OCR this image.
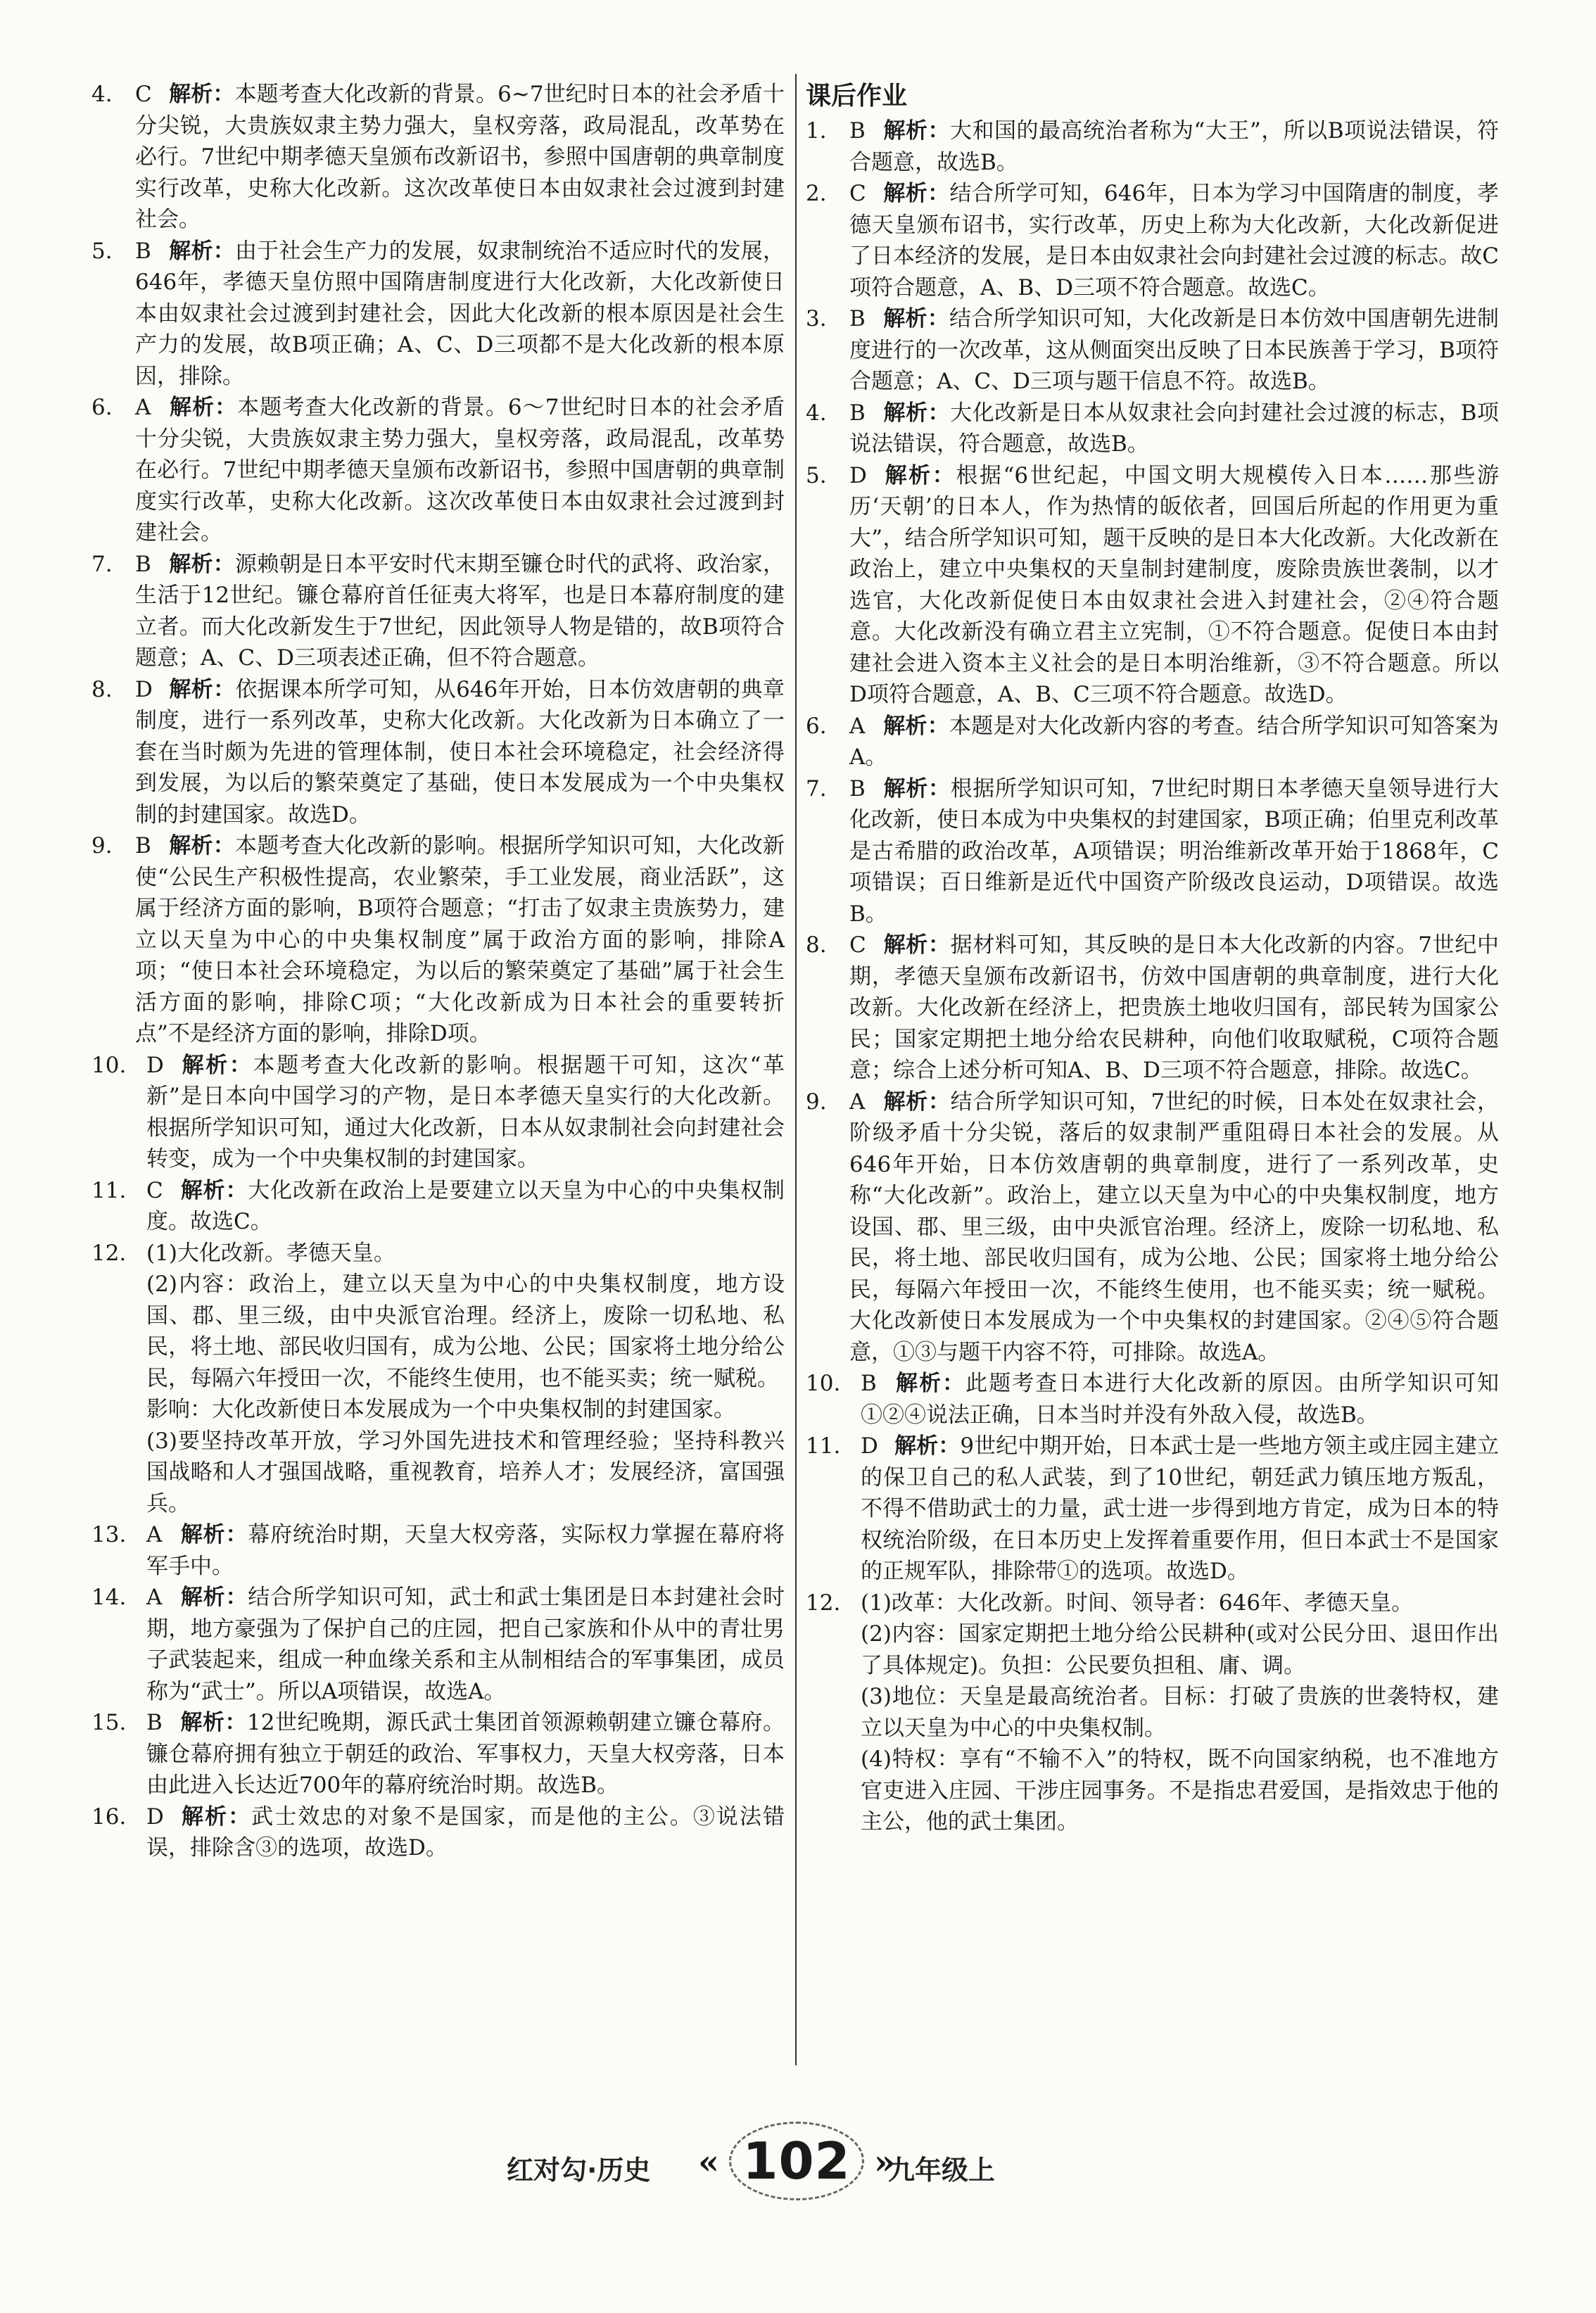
4.	C 解析：本题考查大化改新的背景。6~7世纪时日本的社会矛盾十分尖锐，大贵族奴隶主势力强大，皇权旁落，政局混乱，改革势在必行。7世纪中期孝德天皇颁布改新诏书，参照中国唐朝的典章制度实行改革，史称大化改新。这次改革使日本由奴隶社会过渡到封建社会。
5.	B 解析：由于社会生产力的发展，奴隶制统治不适应时代的发展，646年，孝德天皇仿照中国隋唐制度进行大化改新，大化改新使日本由奴隶社会过渡到封建社会，因此大化改新的根本原因是社会生产力的发展，故B项正确；A、C、D三项都不是大化改新的根本原因，排除。
6.	A 解析：本题考查大化改新的背景。6～7世纪时日本的社会矛盾十分尖锐，大贵族奴隶主势力强大，皇权旁落，政局混乱，改革势在必行。7世纪中期孝德天皇颁布改新诏书，参照中国唐朝的典章制度实行改革，史称大化改新。这次改革使日本由奴隶社会过渡到封建社会。
7.	B 解析：源赖朝是日本平安时代末期至镰仓时代的武将、政治家，生活于12世纪。镰仓幕府首任征夷大将军，也是日本幕府制度的建立者。而大化改新发生于7世纪，因此领导人物是错的，故B项符合题意；A、C、D三项表述正确，但不符合题意。
8.	D 解析：依据课本所学可知，从646年开始，日本仿效唐朝的典章制度，进行一系列改革，史称大化改新。大化改新为日本确立了一套在当时颇为先进的管理体制，使日本社会环境稳定，社会经济得到发展，为以后的繁荣奠定了基础，使日本发展成为一个中央集权制的封建国家。故选D。
9.	B 解析：本题考查大化改新的影响。根据所学知识可知，大化改新使“公民生产积极性提高，农业繁荣，手工业发展，商业活跃”，这属于经济方面的影响，B项符合题意；“打击了奴隶主贵族势力，建立以天皇为中心的中央集权制度”属于政治方面的影响，排除A项；“使日本社会环境稳定，为以后的繁荣奠定了基础”属于社会生活方面的影响，排除C项；“大化改新成为日本社会的重要转折点”不是经济方面的影响，排除D项。
10. D 解析：本题考查大化改新的影响。根据题干可知，这次“革新”是日本向中国学习的产物，是日本孝德天皇实行的大化改新。根据所学知识可知，通过大化改新，日本从奴隶制社会向封建社会转变，成为一个中央集权制的封建国家。
11. C 解析：大化改新在政治上是要建立以天皇为中心的中央集权制度。故选C。
12. (1)大化改新。孝德天皇。
(2)内容：政治上，建立以天皇为中心的中央集权制度，地方设国、郡、里三级，由中央派官治理。经济上，废除一切私地、私民，将土地、部民收归国有，成为公地、公民；国家将土地分给公民，每隔六年授田一次，不能终生使用，也不能买卖；统一赋税。
影响：大化改新使日本发展成为一个中央集权制的封建国家。
(3)要坚持改革开放，学习外国先进技术和管理经验；坚持科教兴国战略和人才强国战略，重视教育，培养人才；发展经济，富国强兵。
13. A 解析：幕府统治时期，天皇大权旁落，实际权力掌握在幕府将军手中。
14. A 解析：结合所学知识可知，武士和武士集团是日本封建社会时期，地方豪强为了保护自己的庄园，把自己家族和仆从中的青壮男子武装起来，组成一种血缘关系和主从制相结合的军事集团，成员称为“武士”。所以A项错误，故选A。
15. B 解析：12世纪晚期，源氏武士集团首领源赖朝建立镰仓幕府。镰仓幕府拥有独立于朝廷的政治、军事权力，天皇大权旁落，日本由此进入长达近700年的幕府统治时期。故选B。
16. D 解析：武士效忠的对象不是国家，而是他的主公。③说法错误，排除含③的选项，故选D。
课后作业
1.	B 解析：大和国的最高统治者称为“大王”，所以B项说法错误，符合题意，故选B。
2.	C 解析：结合所学可知，646年，日本为学习中国隋唐的制度，孝德天皇颁布诏书，实行改革，历史上称为大化改新，大化改新促进了日本经济的发展，是日本由奴隶社会向封建社会过渡的标志。故C项符合题意，A、B、D三项不符合题意。故选C。
3.	B 解析：结合所学知识可知，大化改新是日本仿效中国唐朝先进制度进行的一次改革，这从侧面突出反映了日本民族善于学习，B项符合题意；A、C、D三项与题干信息不符。故选B。
4.	B 解析：大化改新是日本从奴隶社会向封建社会过渡的标志，B项说法错误，符合题意，故选B。
5.	D 解析：根据“6世纪起，中国文明大规模传入日本……那些游历‘天朝’的日本人，作为热情的皈依者，回国后所起的作用更为重大”，结合所学知识可知，题干反映的是日本大化改新。大化改新在政治上，建立中央集权的天皇制封建制度，废除贵族世袭制，以才选官，大化改新促使日本由奴隶社会进入封建社会，②④符合题意。大化改新没有确立君主立宪制，①不符合题意。促使日本由封建社会进入资本主义社会的是日本明治维新，③不符合题意。所以D项符合题意，A、B、C三项不符合题意。故选D。
6.	A 解析：本题是对大化改新内容的考查。结合所学知识可知答案为A。
7.	B 解析：根据所学知识可知，7世纪时期日本孝德天皇领导进行大化改新，使日本成为中央集权的封建国家，B项正确；伯里克利改革是古希腊的政治改革，A项错误；明治维新改革开始于1868年，C项错误；百日维新是近代中国资产阶级改良运动，D项错误。故选B。
8.	C 解析：据材料可知，其反映的是日本大化改新的内容。7世纪中期，孝德天皇颁布改新诏书，仿效中国唐朝的典章制度，进行大化改新。大化改新在经济上，把贵族土地收归国有，部民转为国家公民；国家定期把土地分给农民耕种，向他们收取赋税，C项符合题意；综合上述分析可知A、B、D三项不符合题意，排除。故选C。
9.	A 解析：结合所学知识可知，7世纪的时候，日本处在奴隶社会，阶级矛盾十分尖锐，落后的奴隶制严重阻碍日本社会的发展。从646年开始，日本仿效唐朝的典章制度，进行了一系列改革，史称“大化改新”。政治上，建立以天皇为中心的中央集权制度，地方设国、郡、里三级，由中央派官治理。经济上，废除一切私地、私民，将土地、部民收归国有，成为公地、公民；国家将土地分给公民，每隔六年授田一次，不能终生使用，也不能买卖；统一赋税。大化改新使日本发展成为一个中央集权的封建国家。②④⑤符合题意，①③与题干内容不符，可排除。故选A。
10. B 解析：此题考查日本进行大化改新的原因。由所学知识可知①②④说法正确，日本当时并没有外敌入侵，故选B。
11. D 解析：9世纪中期开始，日本武士是一些地方领主或庄园主建立的保卫自己的私人武装，到了10世纪，朝廷武力镇压地方叛乱，不得不借助武士的力量，武士进一步得到地方肯定，成为日本的特权统治阶级，在日本历史上发挥着重要作用，但日本武士不是国家的正规军队，排除带①的选项。故选D。
12. (1)改革：大化改新。时间、领导者：646年、孝德天皇。
(2)内容：国家定期把土地分给公民耕种(或对公民分田、退田作出了具体规定)。负担：公民要负担租、庸、调。
(3)地位：天皇是最高统治者。目标：打破了贵族的世袭特权，建立以天皇为中心的中央集权制。
(4)特权：享有“不输不入”的特权，既不向国家纳税，也不准地方官吏进入庄园、干涉庄园事务。不是指忠君爱国，是指效忠于他的主公，他的武士集团。
红对勾·历史 « 102 »
九年级上
